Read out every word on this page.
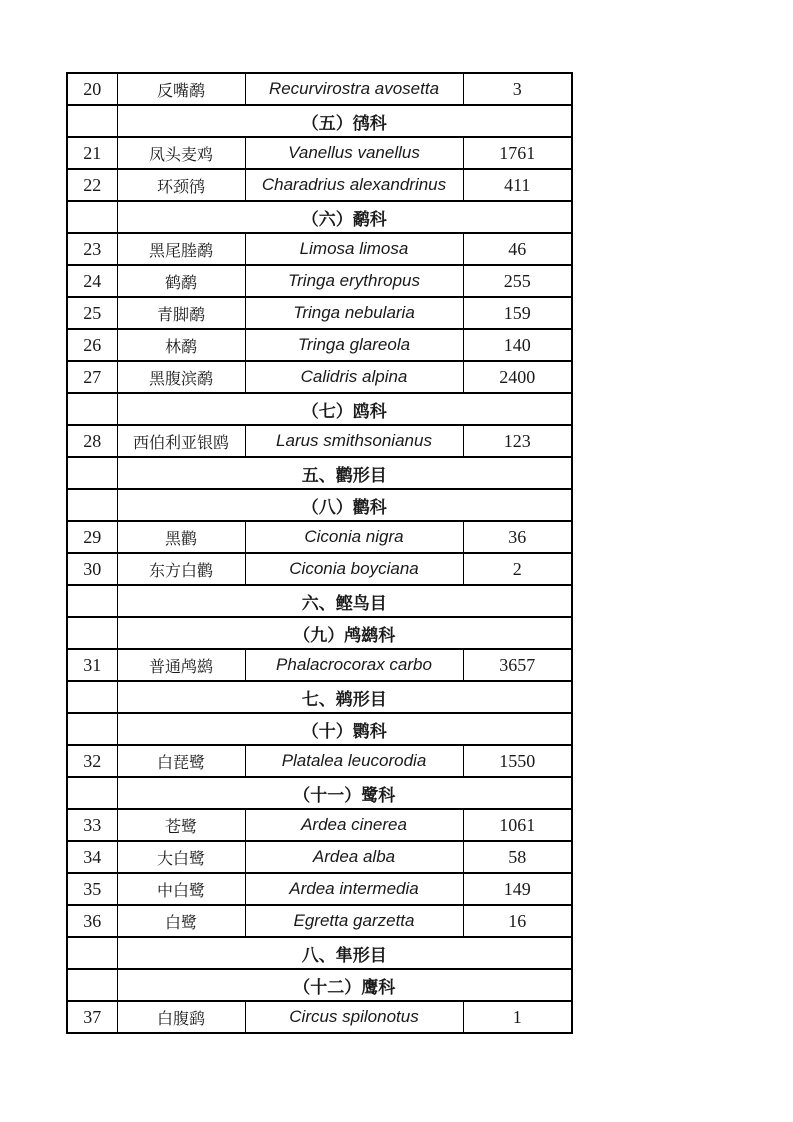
20	反嘴鹬	Recurvirostra avosetta	3
	（五）鸻科		
21	凤头麦鸡	Vanellus vanellus	1761
22	环颈鸻	Charadrius alexandrinus	411
	（六）鹬科		
23	黑尾塍鹬	Limosa limosa	46
24	鹤鹬	Tringa erythropus	255
25	青脚鹬	Tringa nebularia	159
26	林鹬	Tringa glareola	140
27	黑腹滨鹬	Calidris alpina	2400
	（七）鸥科		
28	西伯利亚银鸥	Larus smithsonianus	123
	五、鹳形目		
	（八）鹳科		
29	黑鹳	Ciconia nigra	36
30	东方白鹳	Ciconia boyciana	2
	六、鲣鸟目		
	（九）鸬鹚科		
31	普通鸬鹚	Phalacrocorax carbo	3657
	七、鹈形目		
	（十）鹮科		
32	白琵鹭	Platalea leucorodia	1550
	（十一）鹭科		
33	苍鹭	Ardea cinerea	1061
34	大白鹭	Ardea alba	58
35	中白鹭	Ardea intermedia	149
36	白鹭	Egretta garzetta	16
	八、隼形目		
	（十二）鹰科		
37	白腹鹞	Circus spilonotus	1
